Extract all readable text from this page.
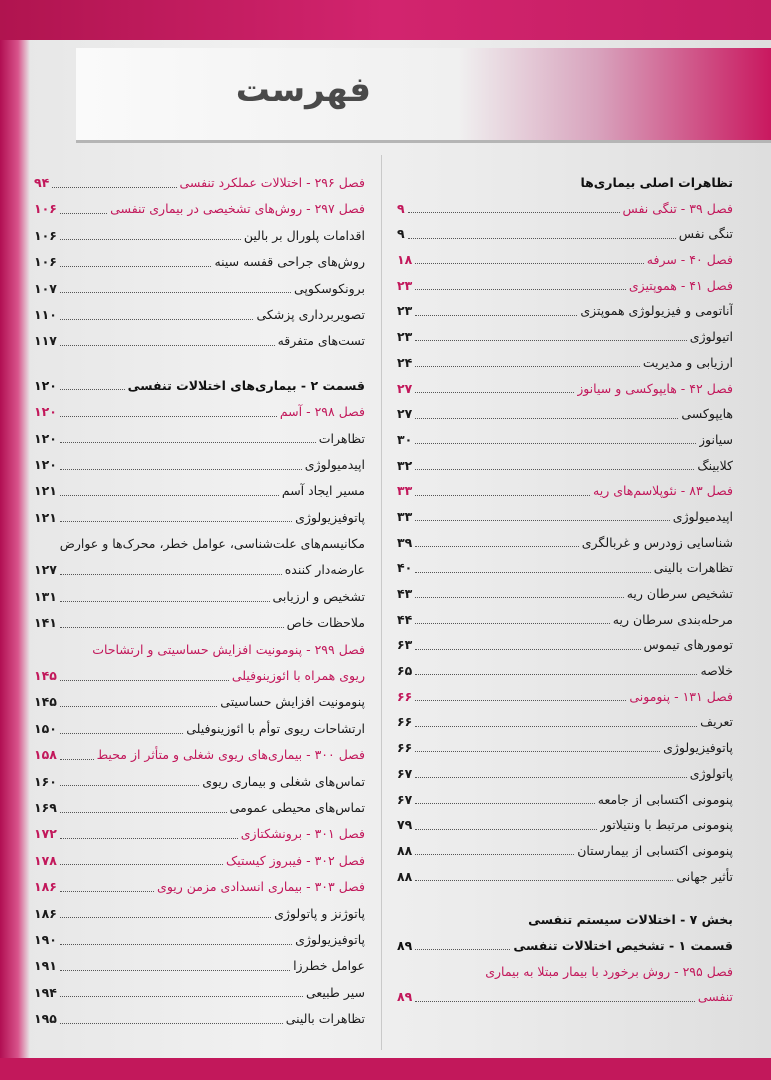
فهرست
تظاهرات اصلی بیماری‌ها
فصل ۳۹ - تنگی نفس
۹
تنگی نفس
۹
فصل ۴۰ - سرفه
۱۸
فصل ۴۱ - هموپتیزی
۲۳
آناتومی و فیزیولوژی هموپتزی
۲۳
اتیولوژی
۲۳
ارزیابی و مدیریت
۲۴
فصل ۴۲ - هایپوکسی و سیانوز
۲۷
هایپوکسی
۲۷
سیانوز
۳۰
کلابینگ
۳۲
فصل ۸۳ - نئوپلاسم‌های ریه
۳۳
اپیدمیولوژی
۳۳
شناسایی زودرس و غربالگری
۳۹
تظاهرات بالینی
۴۰
تشخیص سرطان ریه
۴۳
مرحله‌بندی سرطان ریه
۴۴
تومورهای تیموس
۶۳
خلاصه
۶۵
فصل ۱۳۱ - پنومونی
۶۶
تعریف
۶۶
پاتوفیزیولوژی
۶۶
پاتولوژی
۶۷
پنومونی اکتسابی از جامعه
۶۷
پنومونی مرتبط با ونتیلاتور
۷۹
پنومونی اکتسابی از بیمارستان
۸۸
تأثیر جهانی
۸۸
بخش ۷ - اختلالات سیستم تنفسی
قسمت ۱ - تشخیص اختلالات تنفسی
۸۹
فصل ۲۹۵ - روش برخورد با بیمار مبتلا به بیماری
تنفسی
۸۹
فصل ۲۹۶ - اختلالات عملکرد تنفسی
۹۴
فصل ۲۹۷ - روش‌های تشخیصی در بیماری تنفسی
۱۰۶
اقدامات پلورال بر بالین
۱۰۶
روش‌های جراحی قفسه سینه
۱۰۶
برونکوسکوپی
۱۰۷
تصویربرداری پزشکی
۱۱۰
تست‌های متفرقه
۱۱۷
قسمت ۲ - بیماری‌های اختلالات تنفسی
۱۲۰
فصل ۲۹۸ - آسم
۱۲۰
تظاهرات
۱۲۰
اپیدمیولوژی
۱۲۰
مسیر ایجاد آسم
۱۲۱
پاتوفیزیولوژی
۱۲۱
مکانیسم‌های علت‌شناسی، عوامل خطر، محرک‌ها و عوارض
عارضه‌دار کننده
۱۲۷
تشخیص و ارزیابی
۱۳۱
ملاحظات خاص
۱۴۱
فصل ۲۹۹ - پنومونیت افزایش حساسیتی و ارتشاحات
ریوی همراه با ائوزینوفیلی
۱۴۵
پنومونیت افزایش حساسیتی
۱۴۵
ارتشاحات ریوی توأم با ائوزینوفیلی
۱۵۰
فصل ۳۰۰ - بیماری‌های ریوی شغلی و متأثر از محیط
۱۵۸
تماس‌های شغلی و بیماری ریوی
۱۶۰
تماس‌های محیطی عمومی
۱۶۹
فصل ۳۰۱ - برونشکتازی
۱۷۲
فصل ۳۰۲ - فیبروز کیستیک
۱۷۸
فصل ۳۰۳ - بیماری انسدادی مزمن ریوی
۱۸۶
پاتوژنز و پاتولوژی
۱۸۶
پاتوفیزیولوژی
۱۹۰
عوامل خطرزا
۱۹۱
سیر طبیعی
۱۹۴
تظاهرات بالینی
۱۹۵
